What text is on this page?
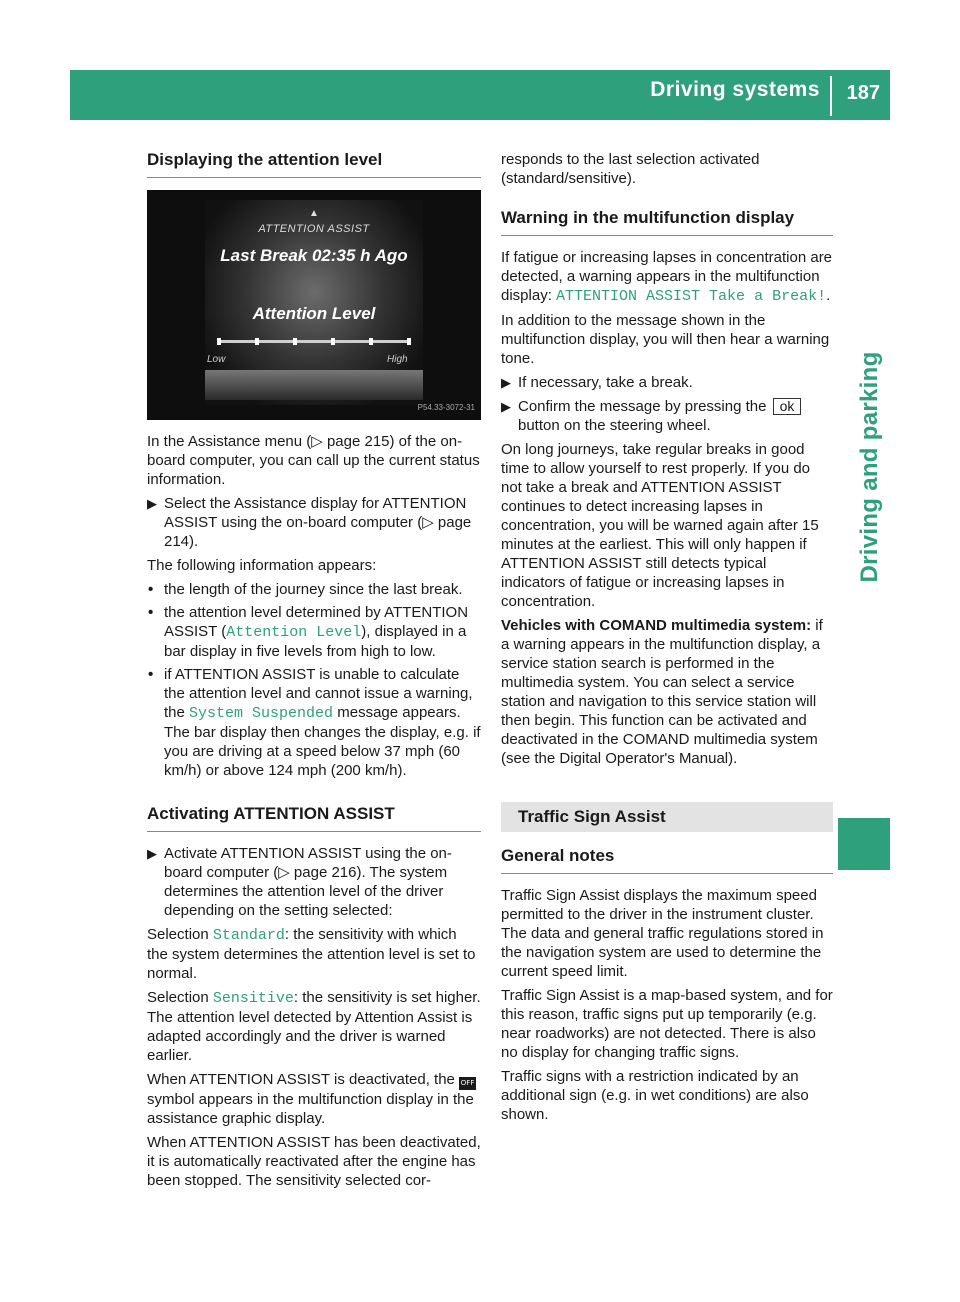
Driving systems 187
Driving and parking
Displaying the attention level
▲
ATTENTION ASSIST
Last Break 02:35 h Ago
Attention Level
Low	High
P54.33-3072-31

In the Assistance menu (▷ page 215) of the on-board computer, you can call up the current status information.

▶ Select the Assistance display for ATTENTION ASSIST using the on-board computer (▷ page 214).

The following information appears:

• the length of the journey since the last break.
• the attention level determined by ATTENTION ASSIST (Attention Level), displayed in a bar display in five levels from high to low.
• if ATTENTION ASSIST is unable to calculate the attention level and cannot issue a warning, the System Suspended message appears. The bar display then changes the display, e.g. if you are driving at a speed below 37 mph (60 km/h) or above 124 mph (200 km/h).
Activating ATTENTION ASSIST
▶ Activate ATTENTION ASSIST using the on-board computer (▷ page 216). The system determines the attention level of the driver depending on the setting selected:

Selection Standard: the sensitivity with which the system determines the attention level is set to normal.

Selection Sensitive: the sensitivity is set higher. The attention level detected by Attention Assist is adapted accordingly and the driver is warned earlier.

When ATTENTION ASSIST is deactivated, the OFF symbol appears in the multifunction display in the assistance graphic display.

When ATTENTION ASSIST has been deactivated, it is automatically reactivated after the engine has been stopped. The sensitivity selected cor-

responds to the last selection activated (standard/sensitive).

Warning in the multifunction display

If fatigue or increasing lapses in concentration are detected, a warning appears in the multifunction display: ATTENTION ASSIST Take a Break!.

In addition to the message shown in the multifunction display, you will then hear a warning tone.

▶ If necessary, take a break.
▶ Confirm the message by pressing the ok button on the steering wheel.

On long journeys, take regular breaks in good time to allow yourself to rest properly. If you do not take a break and ATTENTION ASSIST continues to detect increasing lapses in concentration, you will be warned again after 15 minutes at the earliest. This will only happen if ATTENTION ASSIST still detects typical indicators of fatigue or increasing lapses in concentration.

Vehicles with COMAND multimedia system: if a warning appears in the multifunction display, a service station search is performed in the multimedia system. You can select a service station and navigation to this service station will then begin. This function can be activated and deactivated in the COMAND multimedia system (see the Digital Operator's Manual).

Traffic Sign Assist
General notes

Traffic Sign Assist displays the maximum speed permitted to the driver in the instrument cluster. The data and general traffic regulations stored in the navigation system are used to determine the current speed limit.

Traffic Sign Assist is a map-based system, and for this reason, traffic signs put up temporarily (e.g. near roadworks) are not detected. There is also no display for changing traffic signs.

Traffic signs with a restriction indicated by an additional sign (e.g. in wet conditions) are also shown.
